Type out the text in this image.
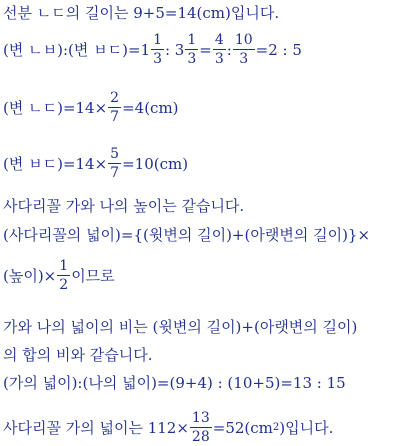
선분 ㄴㄷ의 길이는 9+5=14(cm)입니다.
(변 ㄴㅂ):(변 ㅂㄷ)$=1 \frac{1}{3}$ : $3 \frac{1}{3} = \frac{4}{3}$ : $\frac{10}{3} =2$ : 5
(변 ㄴㄷ)$=14\times \frac{2}{7} =4(cm)$
(변 ㅂㄷ)$=14\times \frac{5}{7} =10(cm)$
사다리꼴 가와 나의 높이는 같습니다.
(사다리꼴의 넓이)={(윗변의 길이)+(아랫변의 길이)}×
(높이)× $\frac{1}{2}$ 이므로
가와 나의 넓이의 비는 (윗변의 길이)+(아랫변의 길이)
의 합의 비와 같습니다.
(가의 넓이):(나의 넓이)=(9+4) : (10+5)=13 : 15
사다리꼴 가의 넓이는 $112\times \frac{13}{28} =52(cm$ 2 )입니다.
